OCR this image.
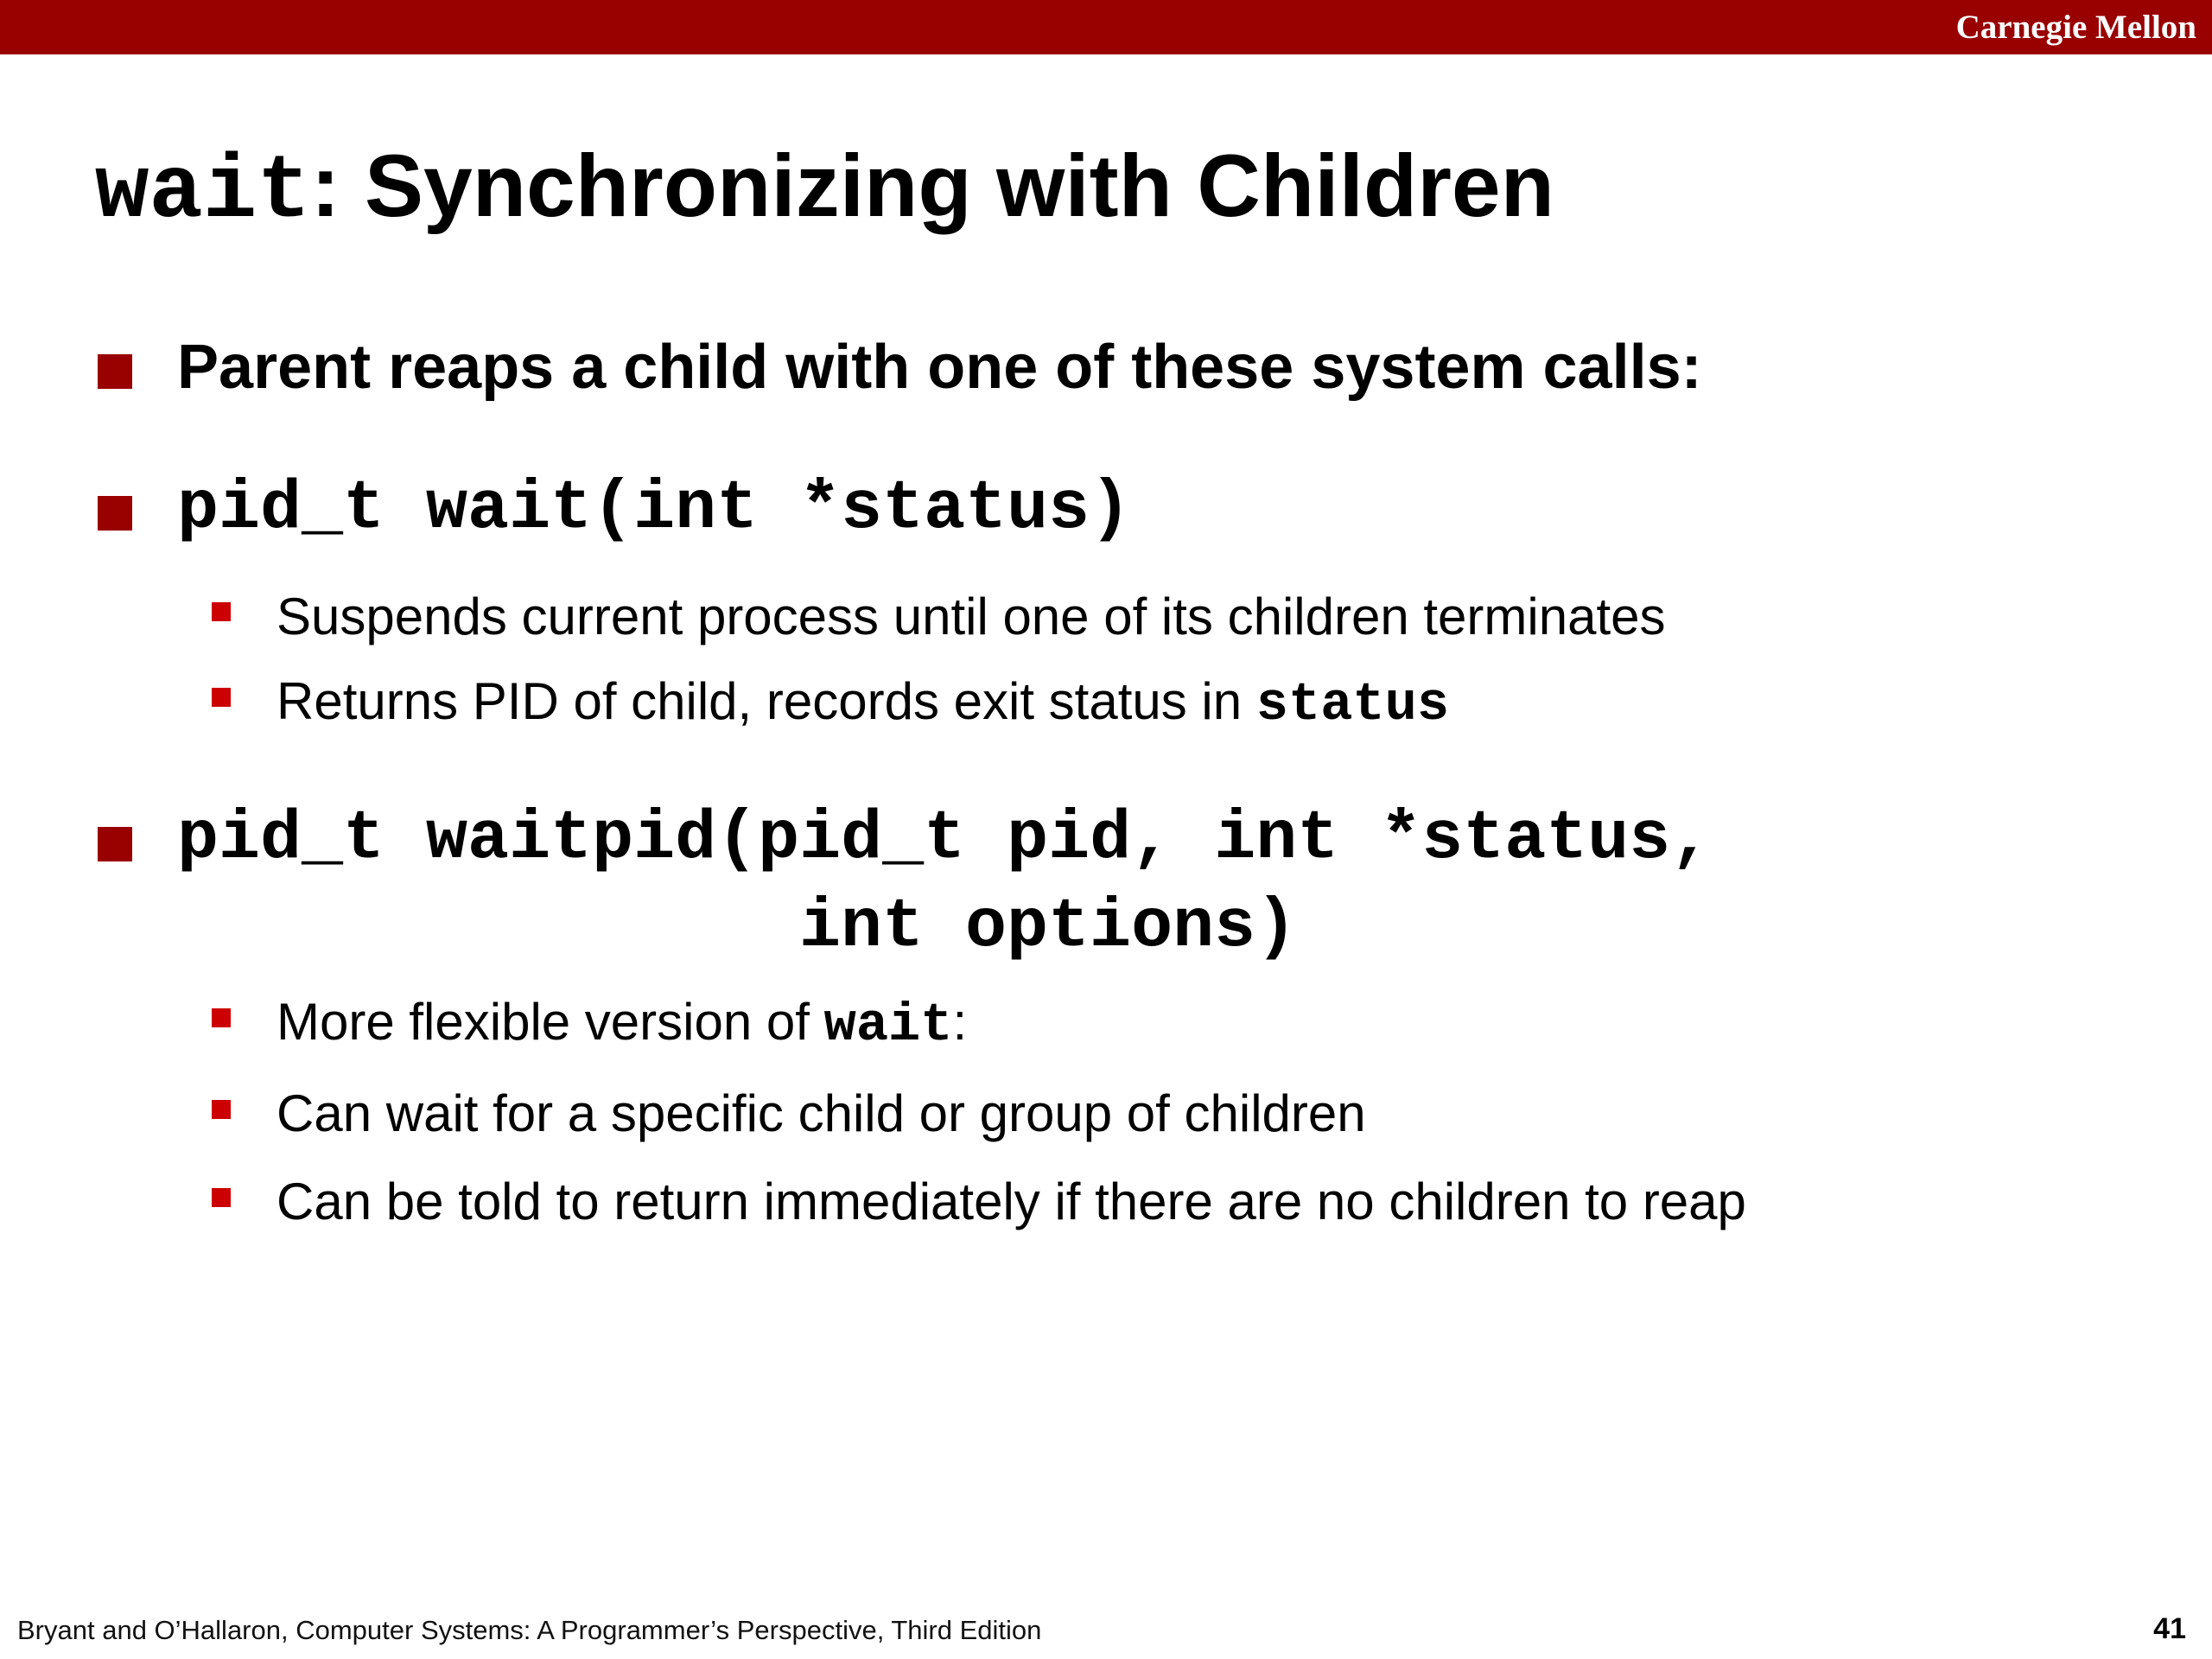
Carnegie Mellon
wait: Synchronizing with Children
Parent reaps a child with one of these system calls:
pid_t wait(int *status)
Suspends current process until one of its children terminates
Returns PID of child, records exit status in status
pid_t waitpid(pid_t pid, int *status,
int options)
More flexible version of wait:
Can wait for a specific child or group of children
Can be told to return immediately if there are no children to reap
Bryant and O’Hallaron, Computer Systems: A Programmer’s Perspective, Third Edition	41
